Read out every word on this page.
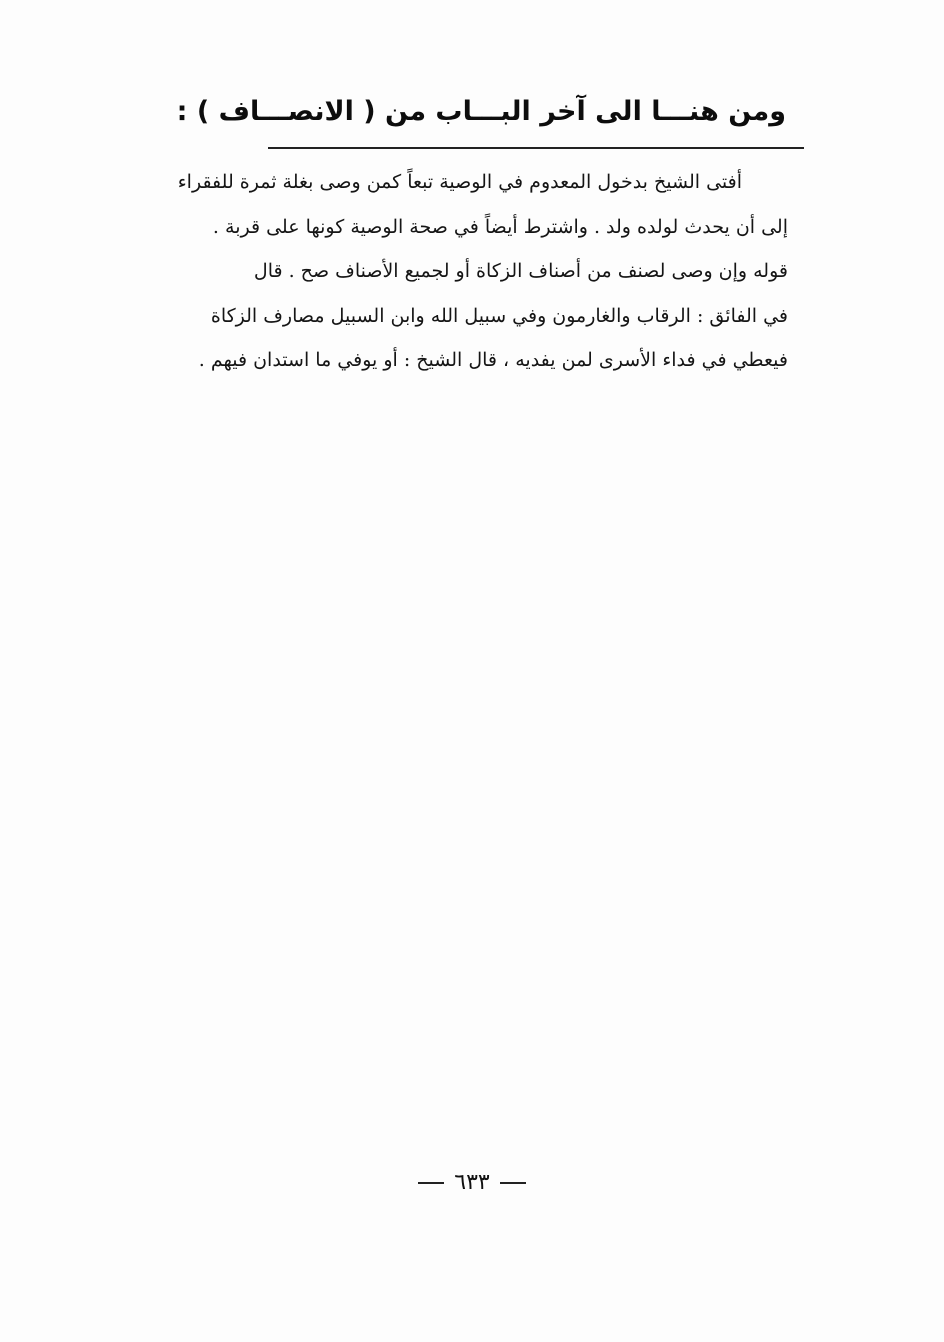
ومن هنـــا الى آخر البـــاب من ( الانصـــاف ) :
أفتى الشيخ بدخول المعدوم في الوصية تبعاً كمن وصى بغلة ثمرة للفقراء
إلى أن يحدث لولده ولد . واشترط أيضاً في صحة الوصية كونها على قربة .
قوله وإن وصى لصنف من أصناف الزكاة أو لجميع الأصناف صح . قال
في الفائق : الرقاب والغارمون وفي سبيل الله وابن السبيل مصارف الزكاة
فيعطي في فداء الأسرى لمن يفديه ، قال الشيخ : أو يوفي ما استدان فيهم .
٦٣٣
